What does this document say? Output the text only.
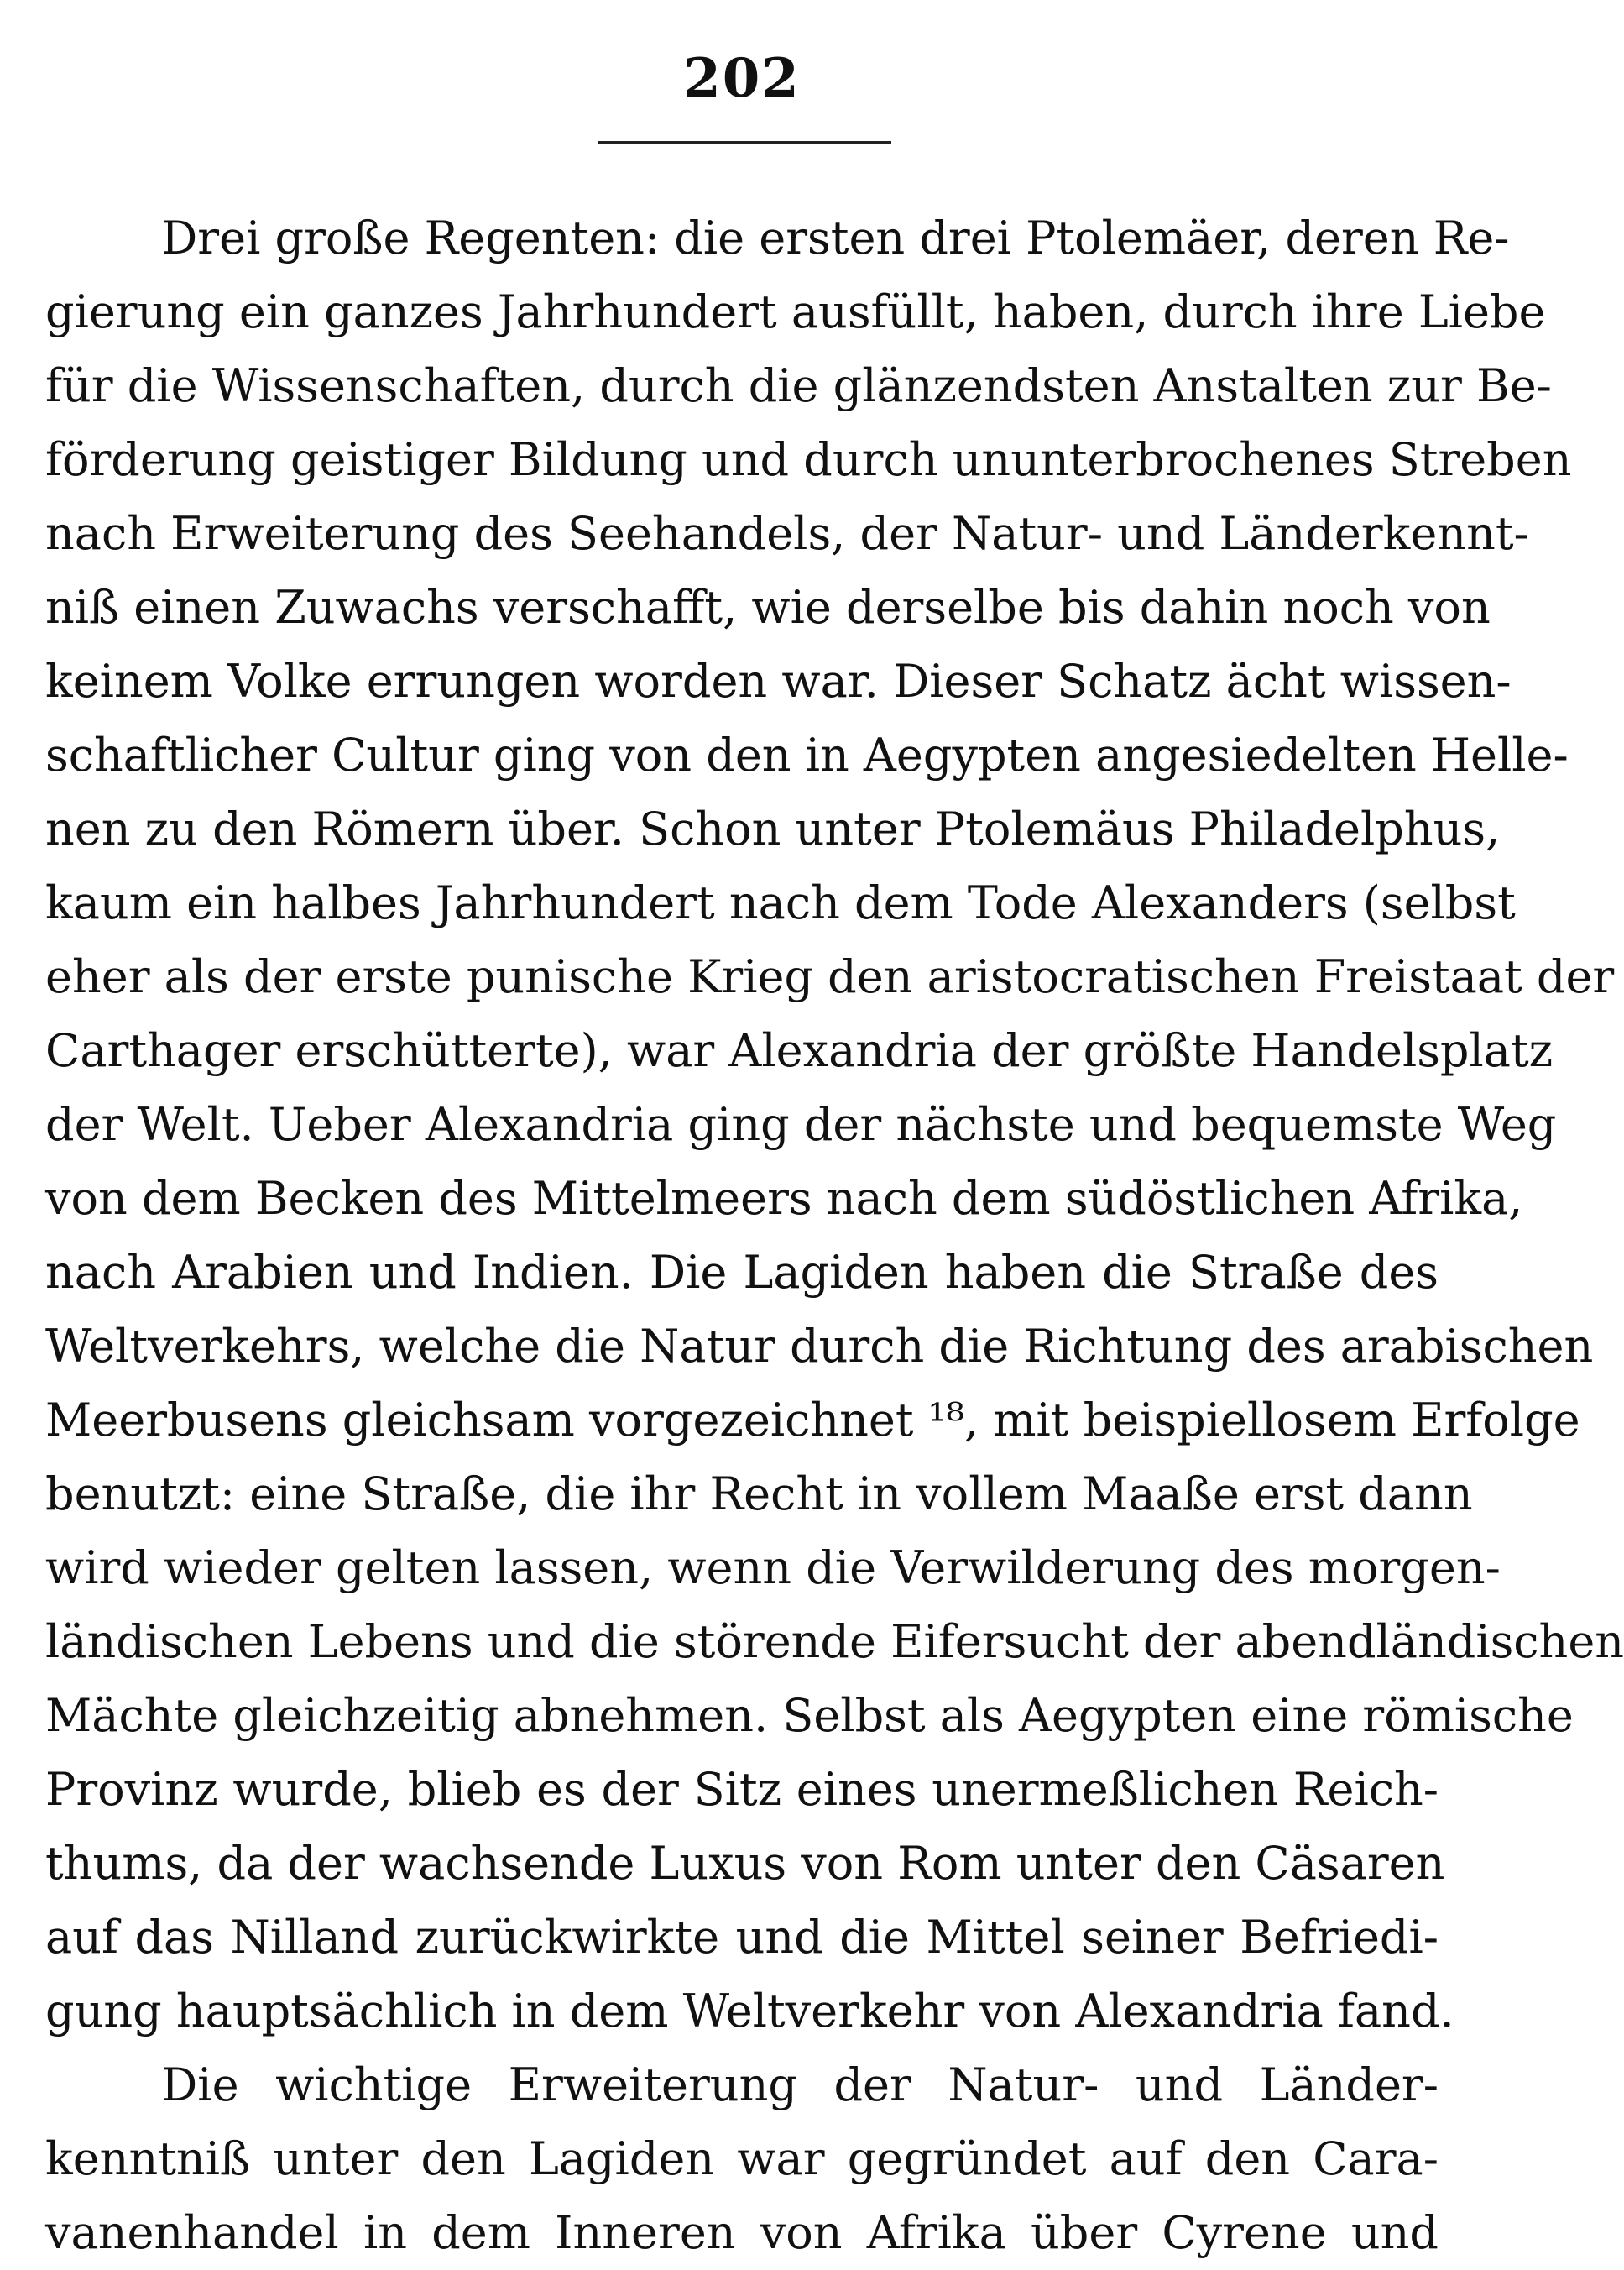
202
Drei große Regenten: die ersten drei Ptolemäer, deren Re-
gierung ein ganzes Jahrhundert ausfüllt, haben, durch ihre Liebe
für die Wissenschaften, durch die glänzendsten Anstalten zur Be-
förderung geistiger Bildung und durch ununterbrochenes Streben
nach Erweiterung des Seehandels, der Natur- und Länderkennt-
niß einen Zuwachs verschafft, wie derselbe bis dahin noch von
keinem Volke errungen worden war. Dieser Schatz ächt wissen-
schaftlicher Cultur ging von den in Aegypten angesiedelten Helle-
nen zu den Römern über. Schon unter Ptolemäus Philadelphus,
kaum ein halbes Jahrhundert nach dem Tode Alexanders (selbst
eher als der erste punische Krieg den aristocratischen Freistaat der
Carthager erschütterte), war Alexandria der größte Handelsplatz
der Welt. Ueber Alexandria ging der nächste und bequemste Weg
von dem Becken des Mittelmeers nach dem südöstlichen Afrika,
nach Arabien und Indien. Die Lagiden haben die Straße des
Weltverkehrs, welche die Natur durch die Richtung des arabischen
Meerbusens gleichsam vorgezeichnet ¹⁸, mit beispiellosem Erfolge
benutzt: eine Straße, die ihr Recht in vollem Maaße erst dann
wird wieder gelten lassen, wenn die Verwilderung des morgen-
ländischen Lebens und die störende Eifersucht der abendländischen
Mächte gleichzeitig abnehmen. Selbst als Aegypten eine römische
Provinz wurde, blieb es der Sitz eines unermeßlichen Reich-
thums, da der wachsende Luxus von Rom unter den Cäsaren
auf das Nilland zurückwirkte und die Mittel seiner Befriedi-
gung hauptsächlich in dem Weltverkehr von Alexandria fand.
Die wichtige Erweiterung der Natur- und Länder-
kenntniß unter den Lagiden war gegründet auf den Cara-
vanenhandel in dem Inneren von Afrika über Cyrene und
